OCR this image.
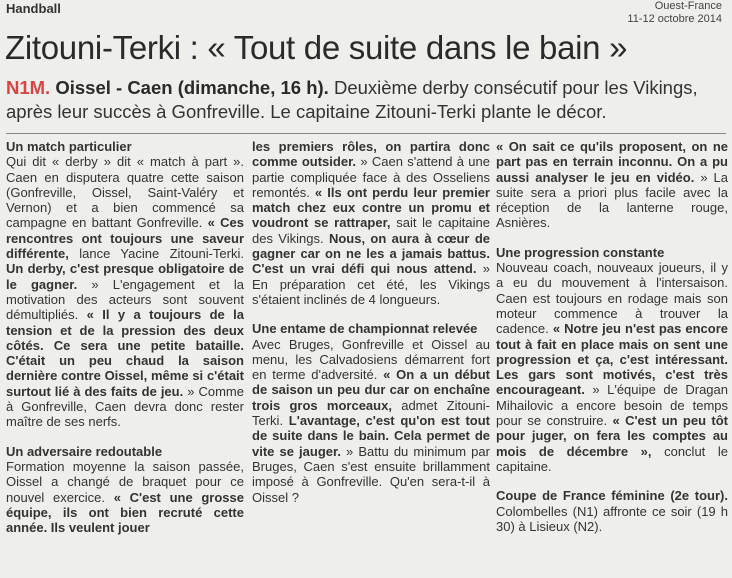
Handball	Ouest-France
11-12 octobre 2014
Zitouni-Terki : « Tout de suite dans le bain »
N1M. Oissel - Caen (dimanche, 16 h). Deuxième derby consécutif pour les Vikings, après leur succès à Gonfreville. Le capitaine Zitouni-Terki plante le décor.

Un match particulier

Qui dit « derby » dit « match à part ». Caen en disputera quatre cette saison (Gonfreville, Oissel, Saint-Valéry et Vernon) et a bien commencé sa campagne en battant Gonfreville. « Ces rencontres ont toujours une saveur différente, lance Yacine Zitouni-Terki. Un derby, c'est presque obligatoire de le gagner. » L'engagement et la motivation des acteurs sont souvent démultipliés. « Il y a toujours de la tension et de la pression des deux côtés. Ce sera une petite bataille. C'était un peu chaud la saison dernière contre Oissel, même si c'était surtout lié à des faits de jeu. » Comme à Gonfreville, Caen devra donc rester maître de ses nerfs.

Un adversaire redoutable

Formation moyenne la saison passée, Oissel a changé de braquet pour ce nouvel exercice. « C'est une grosse équipe, ils ont bien recruté cette année. Ils veulent jouer

les premiers rôles, on partira donc comme outsider. » Caen s'attend à une partie compliquée face à des Osseliens remontés. « Ils ont perdu leur premier match chez eux contre un promu et voudront se rattraper, sait le capitaine des Vikings. Nous, on aura à cœur de gagner car on ne les a jamais battus. C'est un vrai défi qui nous attend. » En préparation cet été, les Vikings s'étaient inclinés de 4 longueurs.

Une entame de championnat relevée

Avec Bruges, Gonfreville et Oissel au menu, les Calvadosiens démarrent fort en terme d'adversité. « On a un début de saison un peu dur car on enchaîne trois gros morceaux, admet Zitouni-Terki. L'avantage, c'est qu'on est tout de suite dans le bain. Cela permet de vite se jauger. » Battu du minimum par Bruges, Caen s'est ensuite brillamment imposé à Gonfreville. Qu'en sera-t-il à Oissel ?

« On sait ce qu'ils proposent, on ne part pas en terrain inconnu. On a pu aussi analyser le jeu en vidéo. » La suite sera a priori plus facile avec la réception de la lanterne rouge, Asnières.

Une progression constante

Nouveau coach, nouveaux joueurs, il y a eu du mouvement à l'intersaison. Caen est toujours en rodage mais son moteur commence à trouver la cadence. « Notre jeu n'est pas encore tout à fait en place mais on sent une progression et ça, c'est intéressant. Les gars sont motivés, c'est très encourageant. » L'équipe de Dragan Mihailovic a encore besoin de temps pour se construire. « C'est un peu tôt pour juger, on fera les comptes au mois de décembre », conclut le capitaine.

Coupe de France féminine (2e tour). Colombelles (N1) affronte ce soir (19 h 30) à Lisieux (N2).
